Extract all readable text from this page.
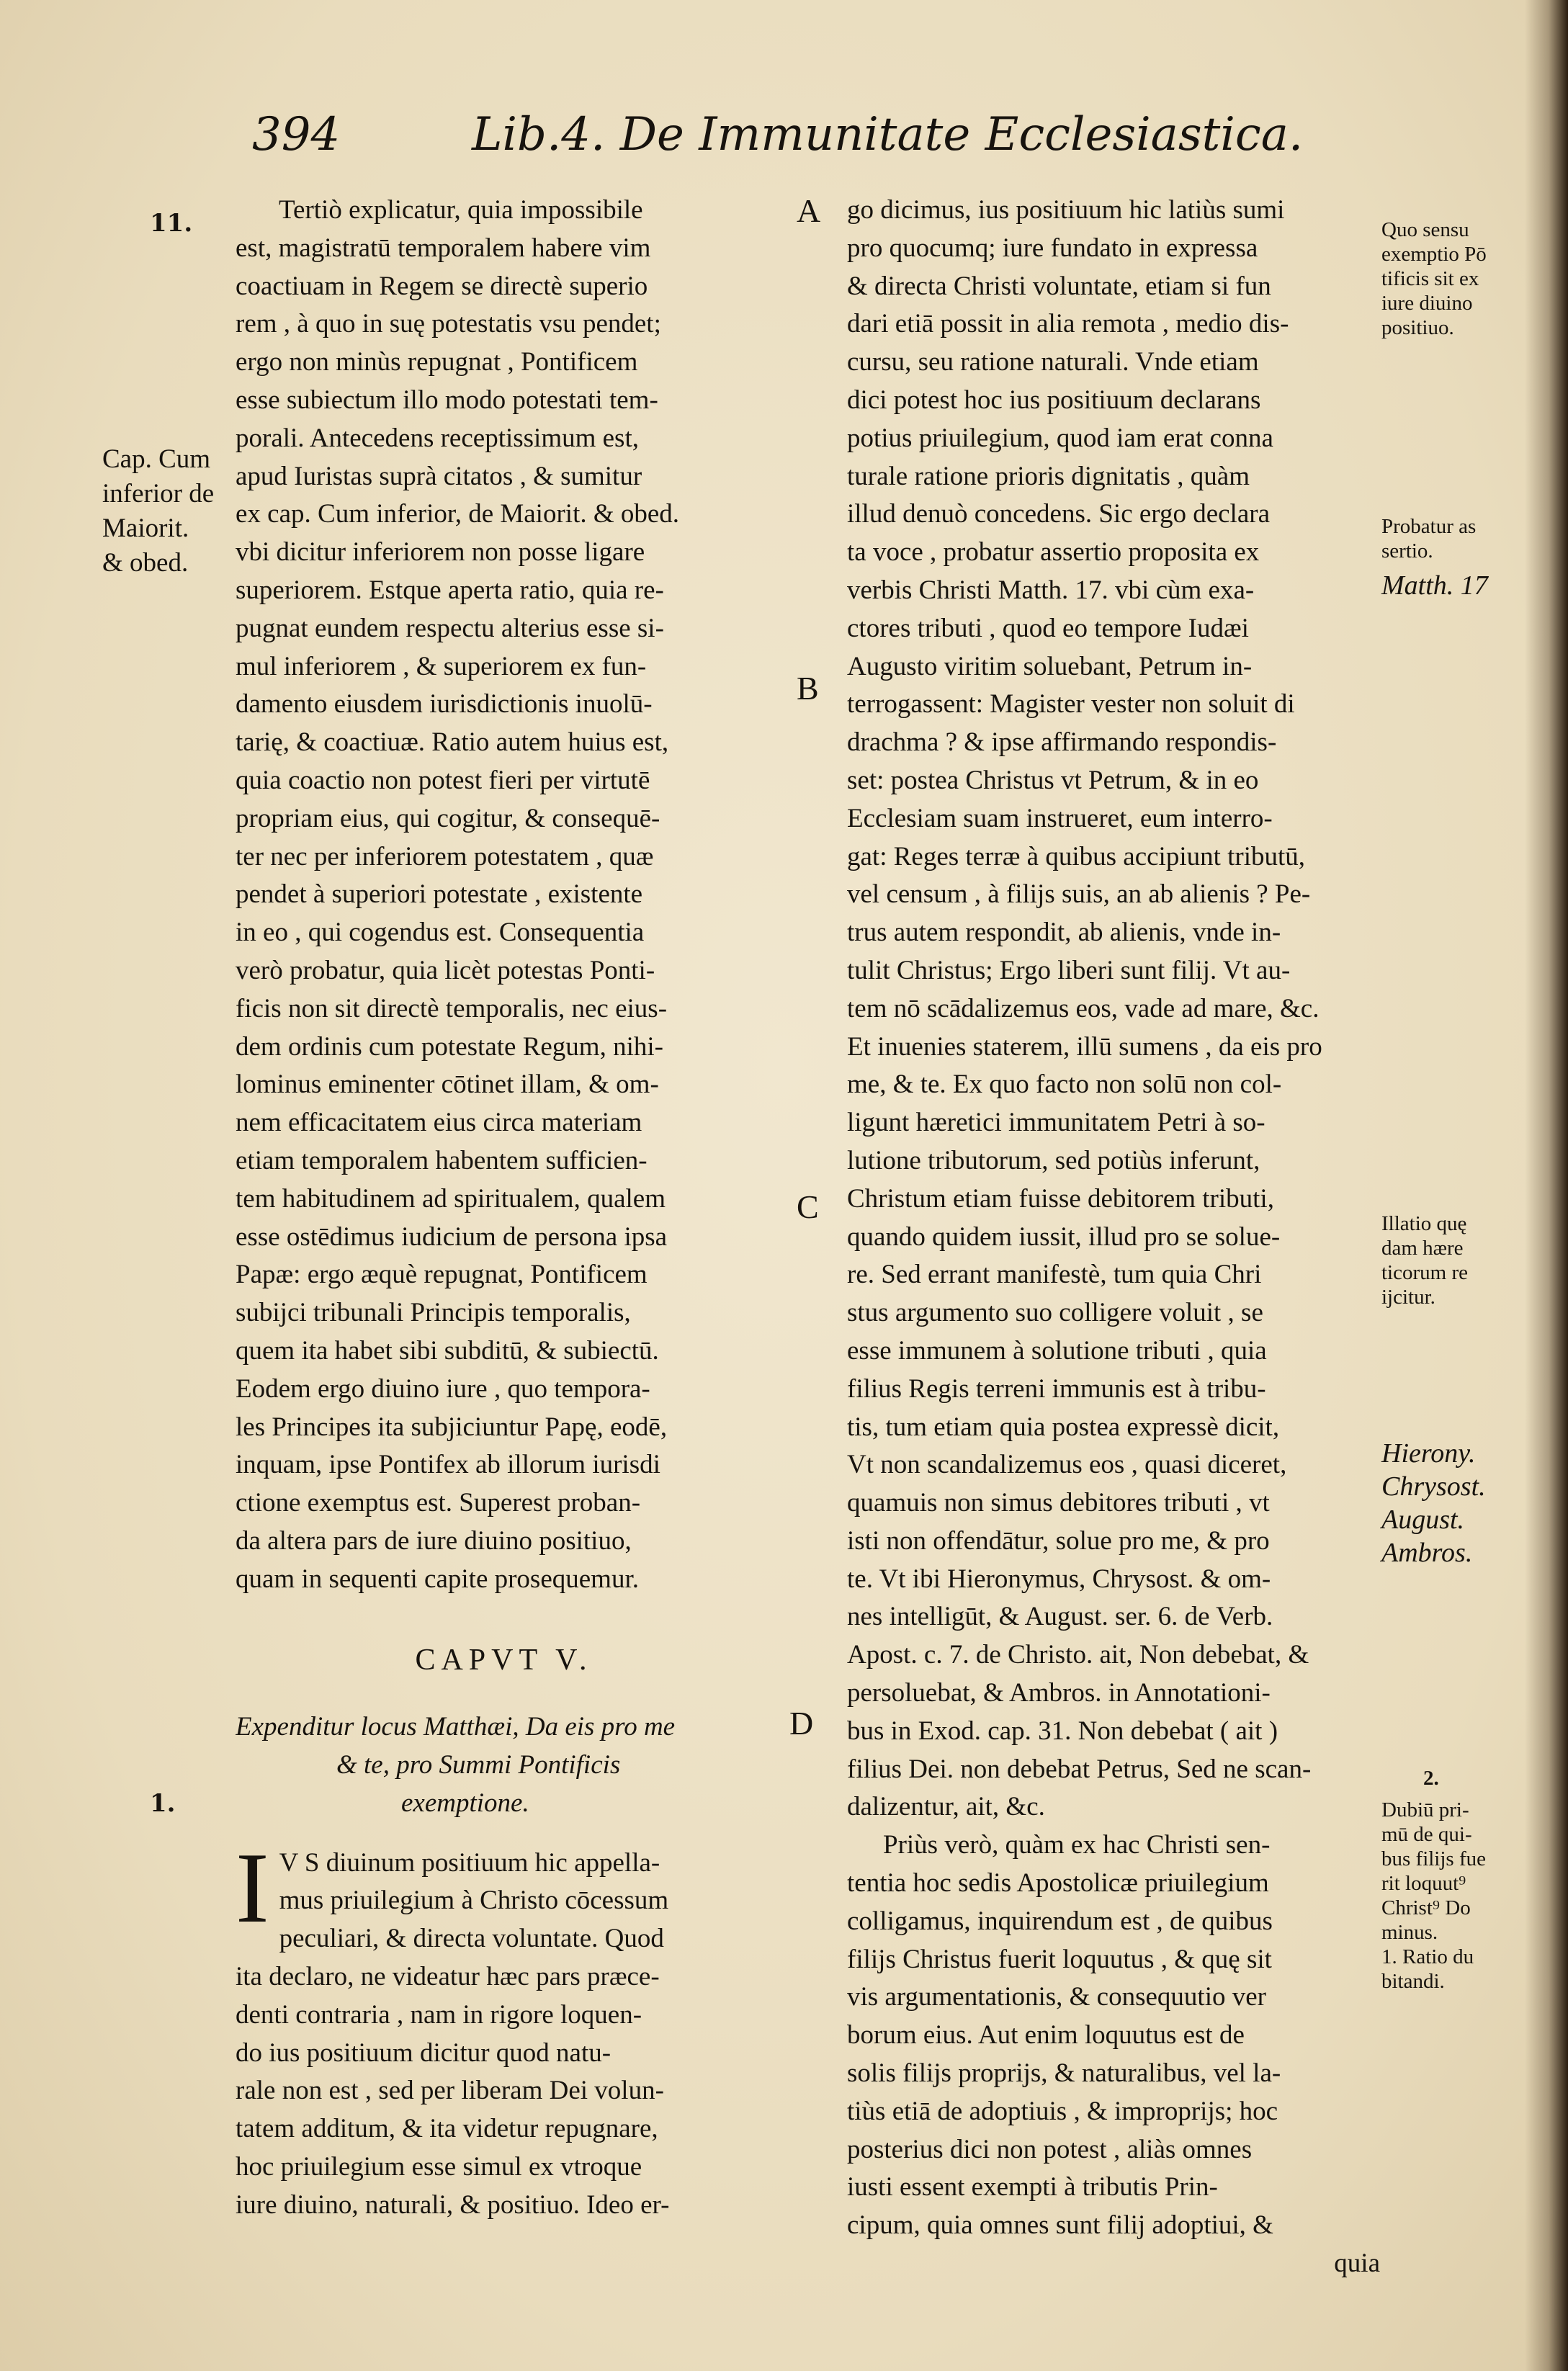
394	Lib.4. De Immunitate Ecclesiastica.
Tertiò explicatur, quia impossibile
est, magistratū temporalem habere vim
coactiuam in Regem se directè superio
rem , à quo in suę potestatis vsu pendet;
ergo non minùs repugnat , Pontificem
esse subiectum illo modo potestati tem-
porali. Antecedens receptissimum est,
apud Iuristas suprà citatos , & sumitur
ex cap. Cum inferior, de Maiorit. & obed.
vbi dicitur inferiorem non posse ligare
superiorem. Estque aperta ratio, quia re-
pugnat eundem respectu alterius esse si-
mul inferiorem , & superiorem ex fun-
damento eiusdem iurisdictionis inuolū-
tarię, & coactiuæ. Ratio autem huius est,
quia coactio non potest fieri per virtutē
propriam eius, qui cogitur, & consequē-
ter nec per inferiorem potestatem , quæ
pendet à superiori potestate , existente
in eo , qui cogendus est. Consequentia
verò probatur, quia licèt potestas Ponti-
ficis non sit directè temporalis, nec eius-
dem ordinis cum potestate Regum, nihi-
lominus eminenter cōtinet illam, & om-
nem efficacitatem eius circa materiam
etiam temporalem habentem sufficien-
tem habitudinem ad spiritualem, qualem
esse ostēdimus iudicium de persona ipsa
Papæ: ergo æquè repugnat, Pontificem
subijci tribunali Principis temporalis,
quem ita habet sibi subditū, & subiectū.
Eodem ergo diuino iure , quo tempora-
les Principes ita subjiciuntur Papę, eodē,
inquam, ipse Pontifex ab illorum iurisdi
ctione exemptus est. Superest proban-
da altera pars de iure diuino positiuo,
quam in sequenti capite prosequemur.
CAPVT V.
Expenditur locus Matthæi, Da eis pro me
& te, pro Summi Pontificis
exemptione.
I V S diuinum positiuum hic appella-
mus priuilegium à Christo cōcessum
peculiari, & directa voluntate. Quod
ita declaro, ne videatur hæc pars præce-
denti contraria , nam in rigore loquen-
do ius positiuum dicitur quod natu-
rale non est , sed per liberam Dei volun-
tatem additum, & ita videtur repugnare,
hoc priuilegium esse simul ex vtroque
iure diuino, naturali, & positiuo. Ideo er-
go dicimus, ius positiuum hic latiùs sumi
pro quocumq; iure fundato in expressa
& directa Christi voluntate, etiam si fun
dari etiā possit in alia remota , medio dis-
cursu, seu ratione naturali. Vnde etiam
dici potest hoc ius positiuum declarans
potius priuilegium, quod iam erat conna
turale ratione prioris dignitatis , quàm
illud denuò concedens. Sic ergo declara
ta voce , probatur assertio proposita ex
verbis Christi Matth. 17. vbi cùm exa-
ctores tributi , quod eo tempore Iudæi
Augusto viritim soluebant, Petrum in-
terrogassent: Magister vester non soluit di
drachma ? & ipse affirmando respondis-
set: postea Christus vt Petrum, & in eo
Ecclesiam suam instrueret, eum interro-
gat: Reges terræ à quibus accipiunt tributū,
vel censum , à filijs suis, an ab alienis ? Pe-
trus autem respondit, ab alienis, vnde in-
tulit Christus; Ergo liberi sunt filij. Vt au-
tem nō scādalizemus eos, vade ad mare, &c.
Et inuenies staterem, illū sumens , da eis pro
me, & te. Ex quo facto non solū non col-
ligunt hæretici immunitatem Petri à so-
lutione tributorum, sed potiùs inferunt,
Christum etiam fuisse debitorem tributi,
quando quidem iussit, illud pro se solue-
re. Sed errant manifestè, tum quia Chri
stus argumento suo colligere voluit , se
esse immunem à solutione tributi , quia
filius Regis terreni immunis est à tribu-
tis, tum etiam quia postea expressè dicit,
Vt non scandalizemus eos , quasi diceret,
quamuis non simus debitores tributi , vt
isti non offendātur, solue pro me, & pro
te. Vt ibi Hieronymus, Chrysost. & om-
nes intelligūt, & August. ser. 6. de Verb.
Apost. c. 7. de Christo. ait, Non debebat, &
persoluebat, & Ambros. in Annotationi-
bus in Exod. cap. 31. Non debebat ( ait )
filius Dei. non debebat Petrus, Sed ne scan-
dalizentur, ait, &c.
Priùs verò, quàm ex hac Christi sen-
tentia hoc sedis Apostolicæ priuilegium
colligamus, inquirendum est , de quibus
filijs Christus fuerit loquutus , & quę sit
vis argumentationis, & consequutio ver
borum eius. Aut enim loquutus est de
solis filijs proprijs, & naturalibus, vel la-
tiùs etiā de adoptiuis , & improprijs; hoc
posterius dici non potest , aliàs omnes
iusti essent exempti à tributis Prin-
cipum, quia omnes sunt filij adoptiui, &
quia
A
B
C
D
11.
Cap. Cum
inferior de
Maiorit.
& obed.
1.
Quo sensu
exemptio Pō
tificis sit ex
iure diuino
positiuo.
Probatur as
sertio.
Matth. 17
Illatio quę
dam hære
ticorum re
ijcitur.
Hierony.
Chrysost.
August.
Ambros.
2.
Dubiū pri-
mū de qui-
bus filijs fue
rit loquut⁹
Christ⁹ Do
minus.
1. Ratio du
bitandi.
